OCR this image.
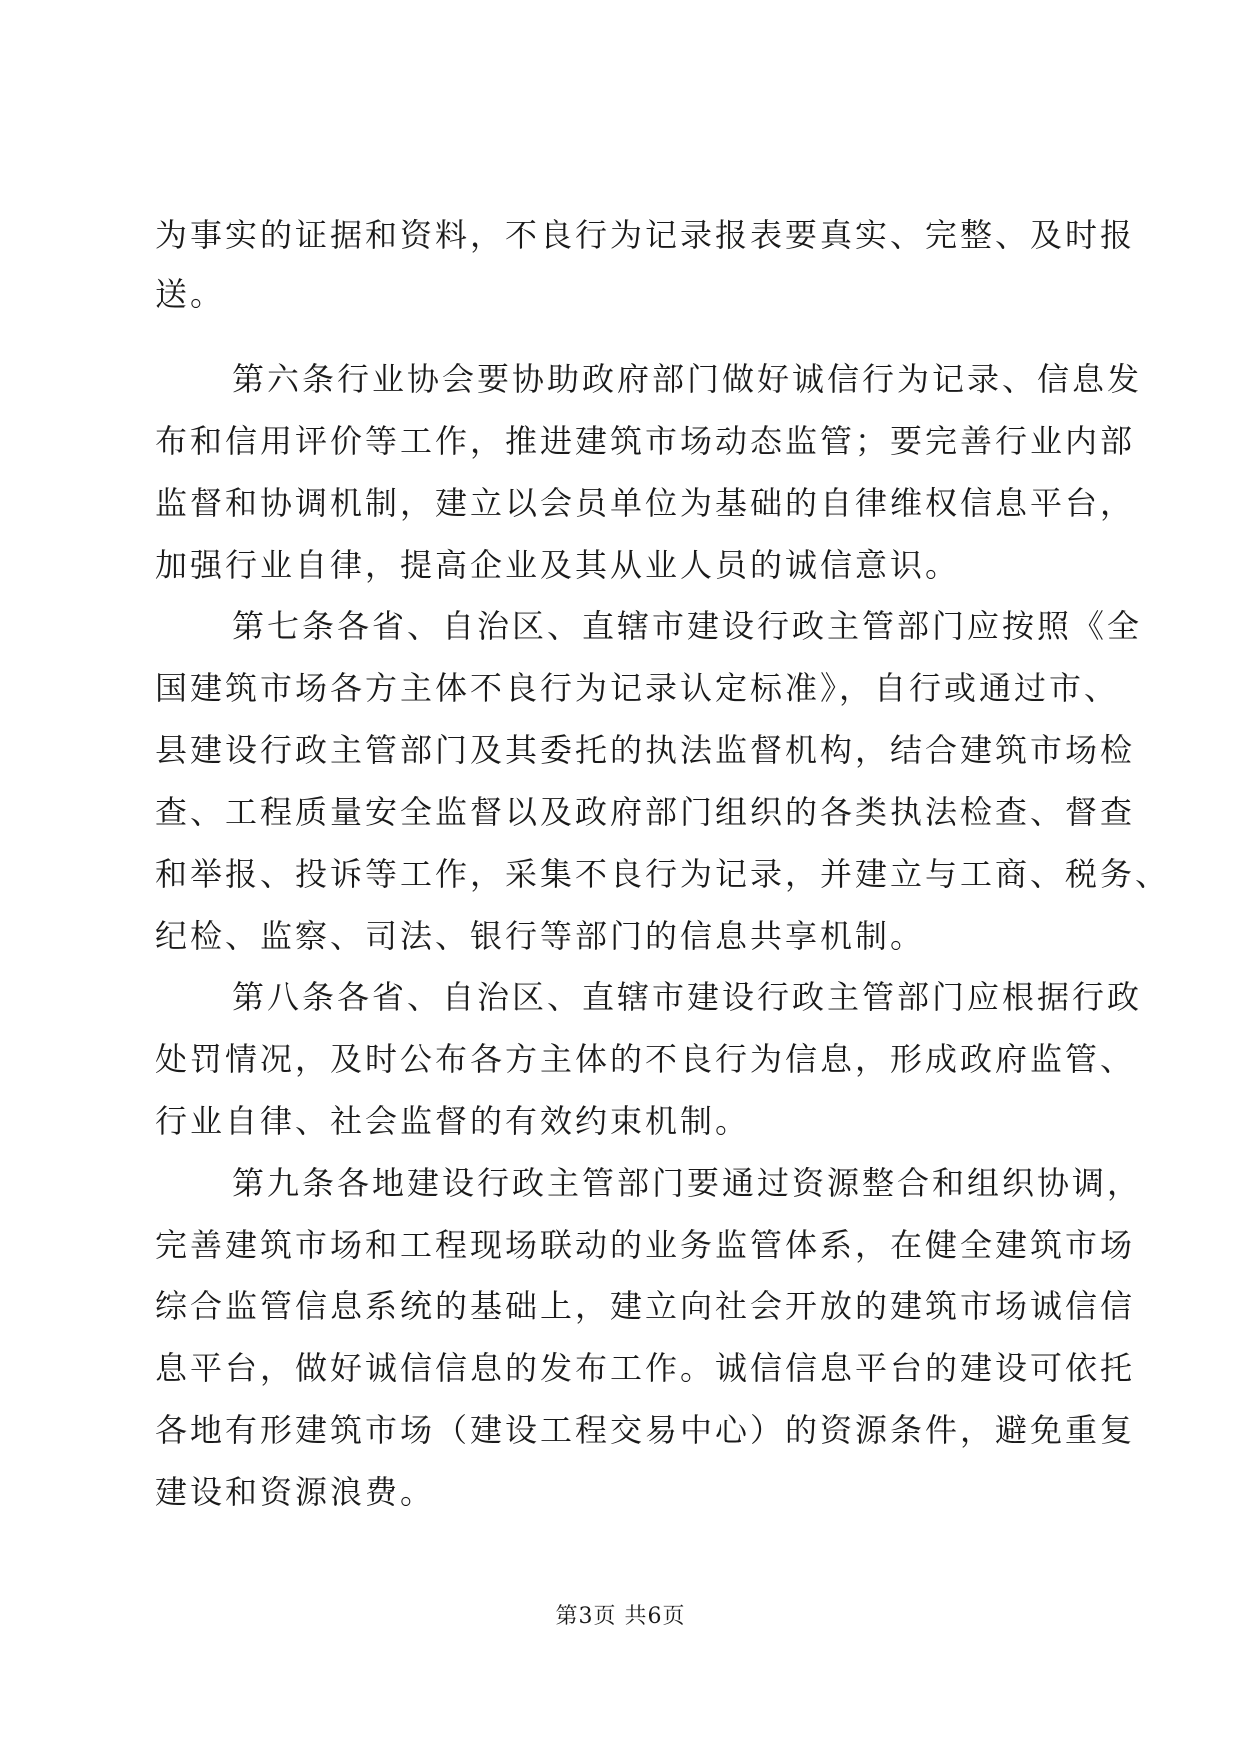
为事实的证据和资料，不良行为记录报表要真实、完整、及时报
送。
第六条行业协会要协助政府部门做好诚信行为记录、信息发
布和信用评价等工作，推进建筑市场动态监管；要完善行业内部
监督和协调机制，建立以会员单位为基础的自律维权信息平台，
加强行业自律，提高企业及其从业人员的诚信意识。
第七条各省、自治区、直辖市建设行政主管部门应按照《全
国建筑市场各方主体不良行为记录认定标准》，自行或通过市、
县建设行政主管部门及其委托的执法监督机构，结合建筑市场检
查、工程质量安全监督以及政府部门组织的各类执法检查、督查
和举报、投诉等工作，采集不良行为记录，并建立与工商、税务、
纪检、监察、司法、银行等部门的信息共享机制。
第八条各省、自治区、直辖市建设行政主管部门应根据行政
处罚情况，及时公布各方主体的不良行为信息，形成政府监管、
行业自律、社会监督的有效约束机制。
第九条各地建设行政主管部门要通过资源整合和组织协调，
完善建筑市场和工程现场联动的业务监管体系，在健全建筑市场
综合监管信息系统的基础上，建立向社会开放的建筑市场诚信信
息平台，做好诚信信息的发布工作。诚信信息平台的建设可依托
各地有形建筑市场（建设工程交易中心）的资源条件，避免重复
建设和资源浪费。
第3页 共6页
